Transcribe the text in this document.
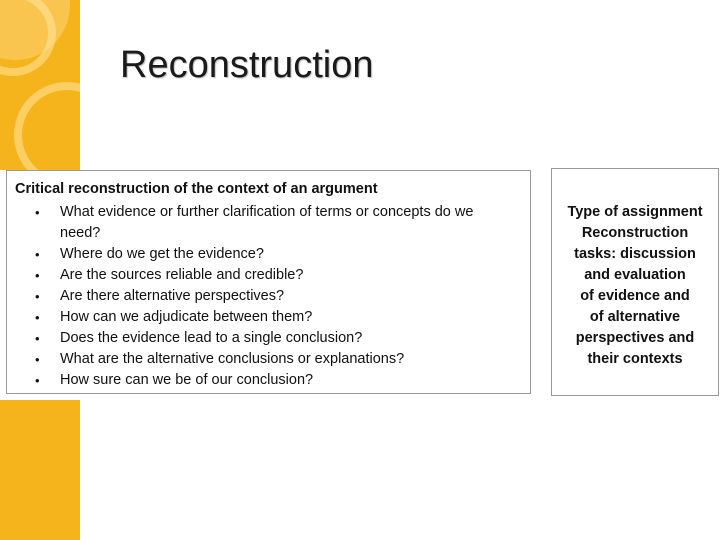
Reconstruction
Critical reconstruction of the context of an argument
• What evidence or further clarification of terms or concepts do we need?
• Where do we get the evidence?
• Are the sources reliable and credible?
• Are there alternative perspectives?
• How can we adjudicate between them?
• Does the evidence lead to a single conclusion?
• What are the alternative conclusions or explanations?
• How sure can we be of our conclusion?
Type of assignment
Reconstruction
tasks: discussion
and evaluation
of evidence and
of alternative
perspectives and
their contexts
